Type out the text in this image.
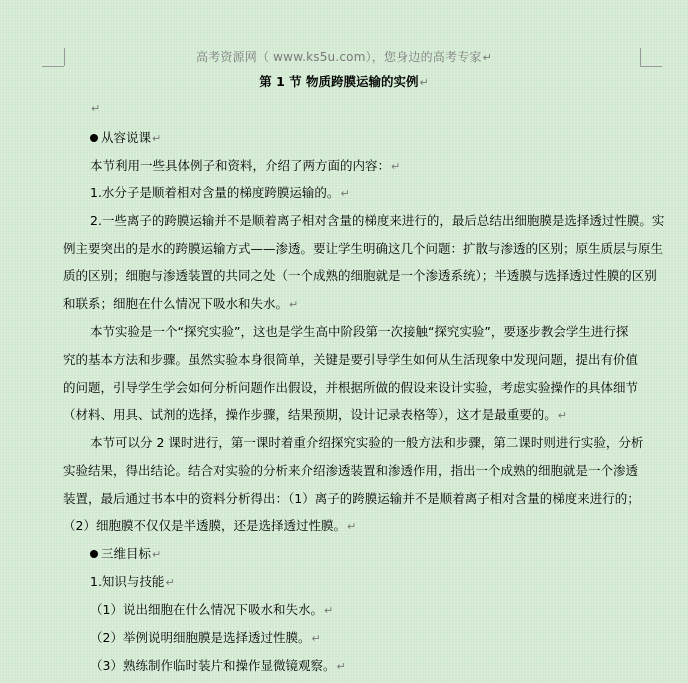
高考资源网（ www.ks5u.com），您身边的高考专家↵
第 1 节 物质跨膜运输的实例↵
↵
从容说课↵
本节利用一些具体例子和资料，介绍了两方面的内容：↵
1.水分子是顺着相对含量的梯度跨膜运输的。↵
2.一些离子的跨膜运输并不是顺着离子相对含量的梯度来进行的，最后总结出细胞膜是选择透过性膜。实
例主要突出的是水的跨膜运输方式——渗透。要让学生明确这几个问题：扩散与渗透的区别；原生质层与原生
质的区别；细胞与渗透装置的共同之处（一个成熟的细胞就是一个渗透系统）；半透膜与选择透过性膜的区别
和联系；细胞在什么情况下吸水和失水。↵
本节实验是一个“探究实验”，这也是学生高中阶段第一次接触“探究实验”，要逐步教会学生进行探
究的基本方法和步骤。虽然实验本身很简单，关键是要引导学生如何从生活现象中发现问题，提出有价值
的问题，引导学生学会如何分析问题作出假设，并根据所做的假设来设计实验，考虑实验操作的具体细节
（材料、用具、试剂的选择，操作步骤，结果预期，设计记录表格等），这才是最重要的。↵
本节可以分 2 课时进行，第一课时着重介绍探究实验的一般方法和步骤，第二课时则进行实验，分析
实验结果，得出结论。结合对实验的分析来介绍渗透装置和渗透作用，指出一个成熟的细胞就是一个渗透
装置，最后通过书本中的资料分析得出：（1）离子的跨膜运输并不是顺着离子相对含量的梯度来进行的；
（2）细胞膜不仅仅是半透膜，还是选择透过性膜。↵
三维目标↵
1.知识与技能↵
（1）说出细胞在什么情况下吸水和失水。↵
（2）举例说明细胞膜是选择透过性膜。↵
（3）熟练制作临时装片和操作显微镜观察。↵
